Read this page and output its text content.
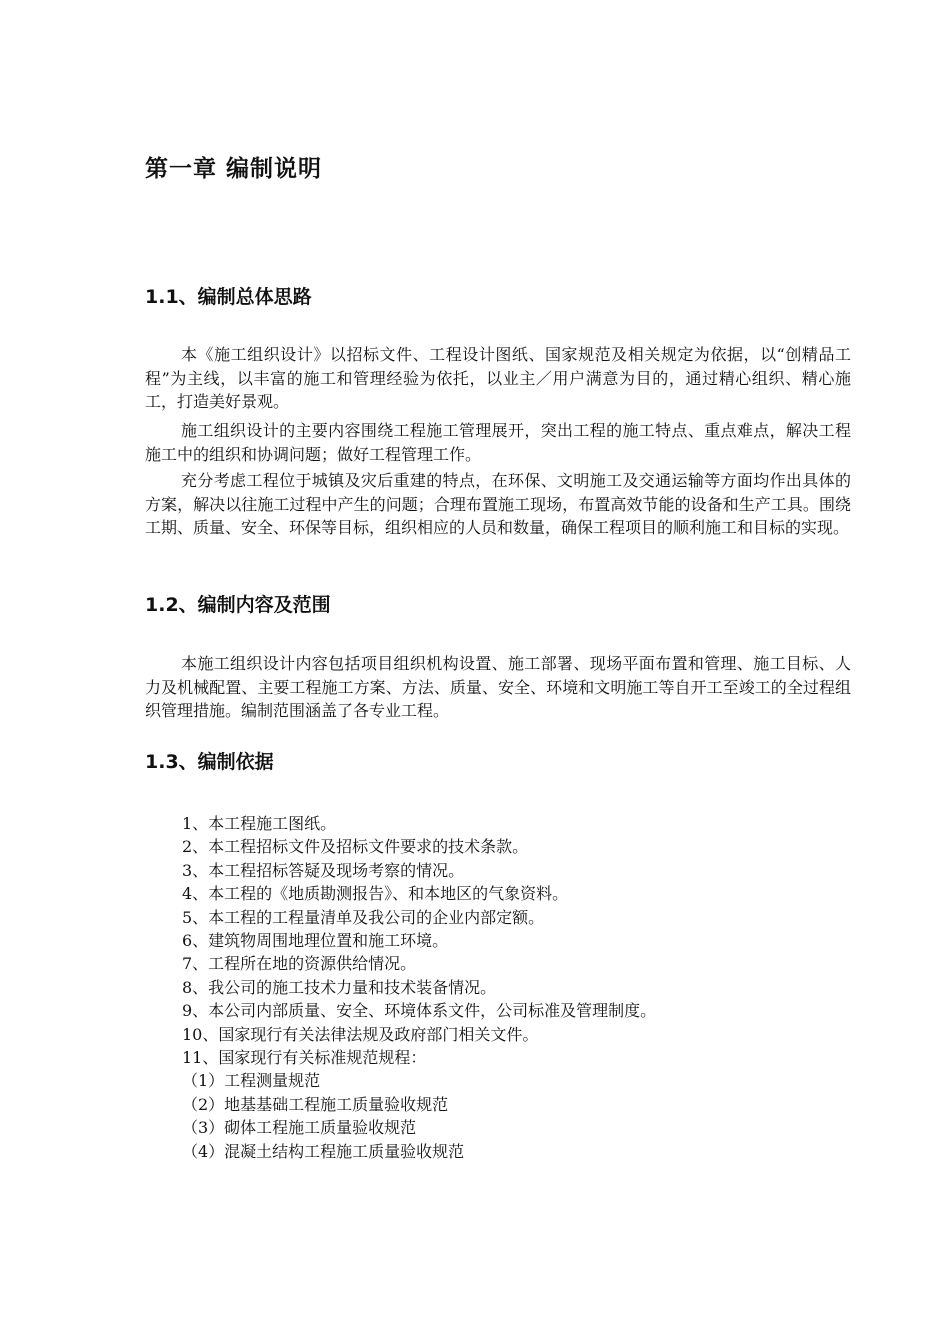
第一章 编制说明
1.1、编制总体思路

本《施工组织设计》以招标文件、工程设计图纸、国家规范及相关规定为依据，以“创精品工程”为主线，以丰富的施工和管理经验为依托，以业主／用户满意为目的，通过精心组织、精心施工，打造美好景观。

施工组织设计的主要内容围绕工程施工管理展开，突出工程的施工特点、重点难点，解决工程施工中的组织和协调问题；做好工程管理工作。

充分考虑工程位于城镇及灾后重建的特点，在环保、文明施工及交通运输等方面均作出具体的方案，解决以往施工过程中产生的问题；合理布置施工现场，布置高效节能的设备和生产工具。围绕工期、质量、安全、环保等目标，组织相应的人员和数量，确保工程项目的顺利施工和目标的实现。

1.2、编制内容及范围

本施工组织设计内容包括项目组织机构设置、施工部署、现场平面布置和管理、施工目标、人力及机械配置、主要工程施工方案、方法、质量、安全、环境和文明施工等自开工至竣工的全过程组织管理措施。编制范围涵盖了各专业工程。

1.3、编制依据
1、本工程施工图纸。
2、本工程招标文件及招标文件要求的技术条款。
3、本工程招标答疑及现场考察的情况。
4、本工程的《地质勘测报告》、和本地区的气象资料。
5、本工程的工程量清单及我公司的企业内部定额。
6、建筑物周围地理位置和施工环境。
7、工程所在地的资源供给情况。
8、我公司的施工技术力量和技术装备情况。
9、本公司内部质量、安全、环境体系文件，公司标准及管理制度。
10、国家现行有关法律法规及政府部门相关文件。
11、国家现行有关标准规范规程：
（1）工程测量规范
（2）地基基础工程施工质量验收规范
（3）砌体工程施工质量验收规范
（4）混凝土结构工程施工质量验收规范
